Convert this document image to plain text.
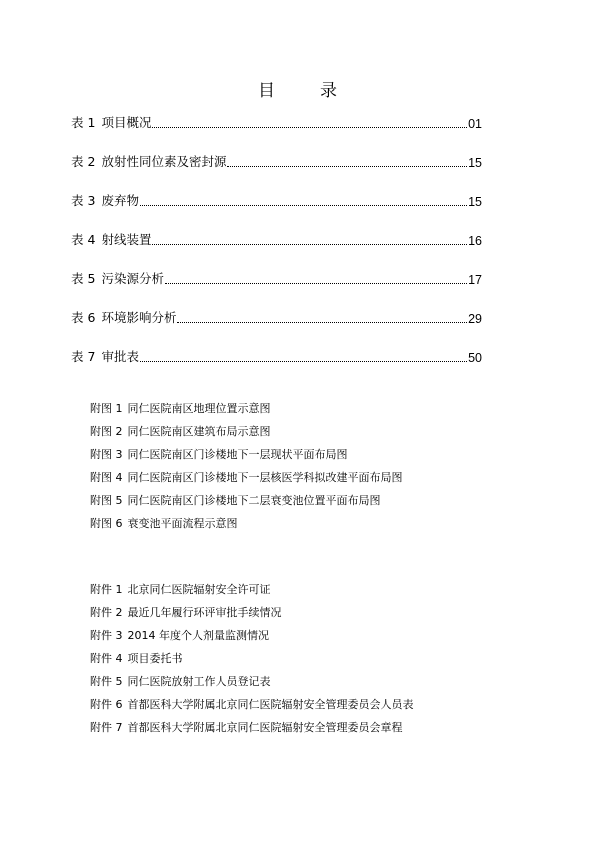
目　录
表 1 项目概况	01
表 2 放射性同位素及密封源	15
表 3 废弃物	15
表 4 射线装置	16
表 5 污染源分析	17
表 6 环境影响分析	29
表 7 审批表	50
附图 1 同仁医院南区地理位置示意图
附图 2 同仁医院南区建筑布局示意图
附图 3 同仁医院南区门诊楼地下一层现状平面布局图
附图 4 同仁医院南区门诊楼地下一层核医学科拟改建平面布局图
附图 5 同仁医院南区门诊楼地下二层衰变池位置平面布局图
附图 6 衰变池平面流程示意图
附件 1 北京同仁医院辐射安全许可证
附件 2 最近几年履行环评审批手续情况
附件 3 2014 年度个人剂量监测情况
附件 4 项目委托书
附件 5 同仁医院放射工作人员登记表
附件 6 首都医科大学附属北京同仁医院辐射安全管理委员会人员表
附件 7 首都医科大学附属北京同仁医院辐射安全管理委员会章程
